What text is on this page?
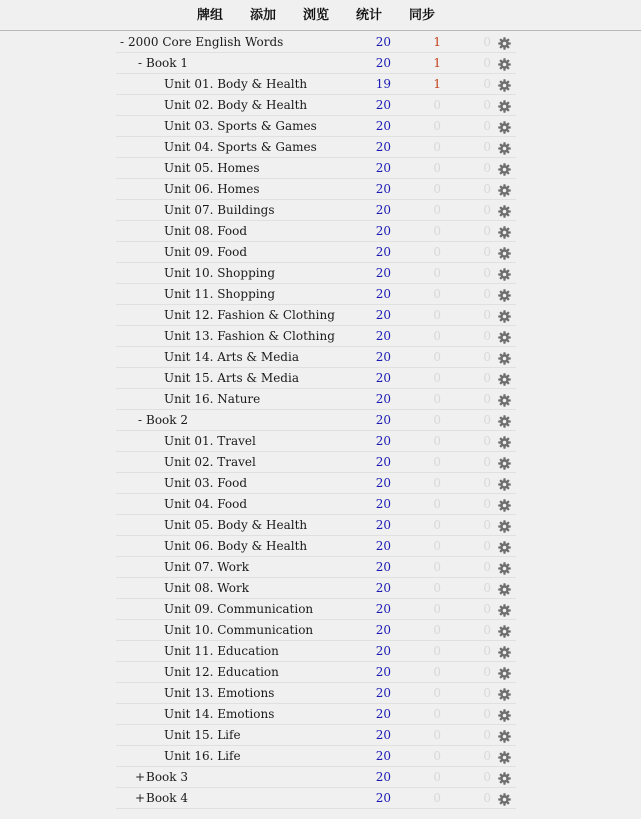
牌组 添加 浏览 统计 同步
- 2000 Core English Words	20	1	0
- Book 1	20	1	0
Unit 01. Body & Health	19	1	0
Unit 02. Body & Health	20	0	0
Unit 03. Sports & Games	20	0	0
Unit 04. Sports & Games	20	0	0
Unit 05. Homes	20	0	0
Unit 06. Homes	20	0	0
Unit 07. Buildings	20	0	0
Unit 08. Food	20	0	0
Unit 09. Food	20	0	0
Unit 10. Shopping	20	0	0
Unit 11. Shopping	20	0	0
Unit 12. Fashion & Clothing	20	0	0
Unit 13. Fashion & Clothing	20	0	0
Unit 14. Arts & Media	20	0	0
Unit 15. Arts & Media	20	0	0
Unit 16. Nature	20	0	0
- Book 2	20	0	0
Unit 01. Travel	20	0	0
Unit 02. Travel	20	0	0
Unit 03. Food	20	0	0
Unit 04. Food	20	0	0
Unit 05. Body & Health	20	0	0
Unit 06. Body & Health	20	0	0
Unit 07. Work	20	0	0
Unit 08. Work	20	0	0
Unit 09. Communication	20	0	0
Unit 10. Communication	20	0	0
Unit 11. Education	20	0	0
Unit 12. Education	20	0	0
Unit 13. Emotions	20	0	0
Unit 14. Emotions	20	0	0
Unit 15. Life	20	0	0
Unit 16. Life	20	0	0
+ Book 3	20	0	0
+ Book 4	20	0	0
